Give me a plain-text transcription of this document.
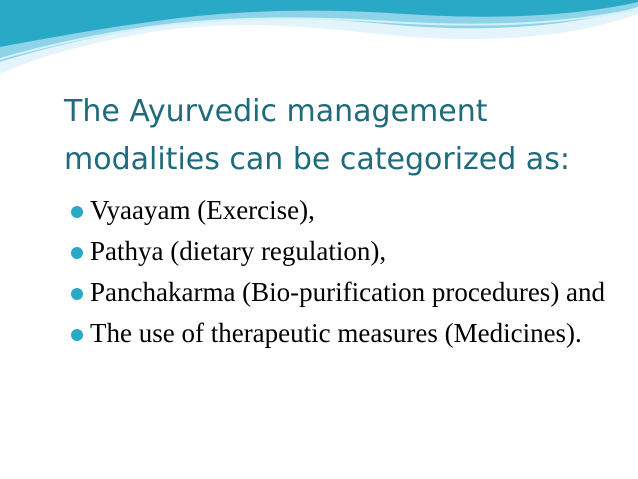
The Ayurvedic management
modalities can be categorized as:
Vyaayam (Exercise),
Pathya (dietary regulation),
Panchakarma (Bio-purification procedures) and
The use of therapeutic measures (Medicines).
